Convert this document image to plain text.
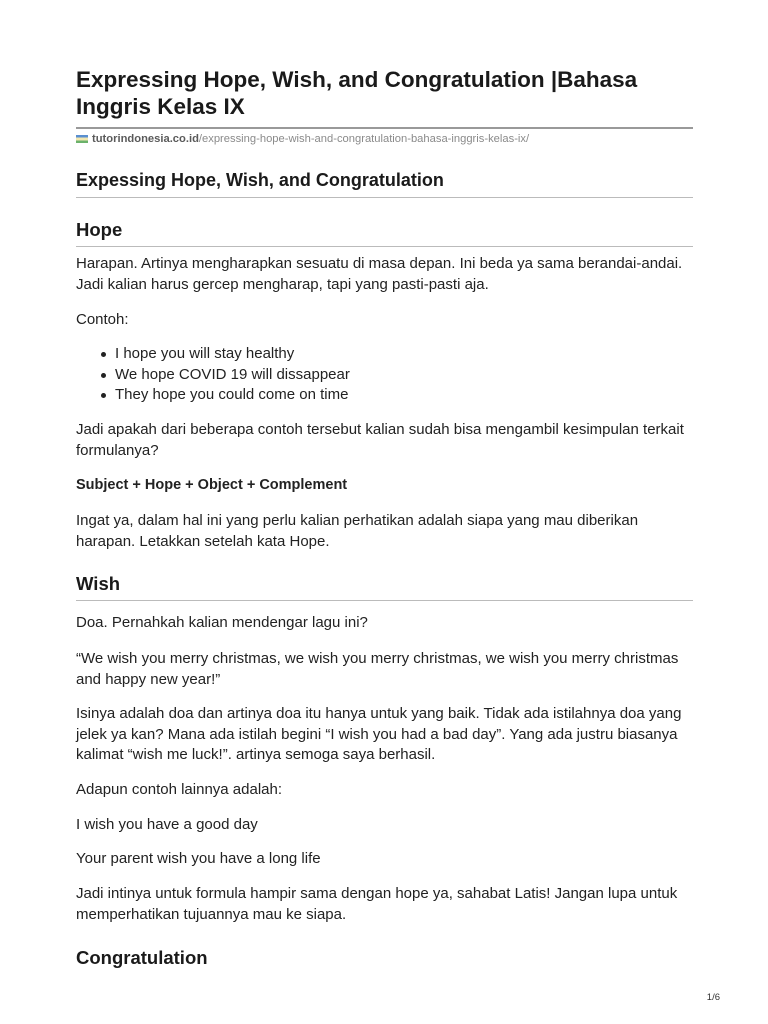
Expressing Hope, Wish, and Congratulation |Bahasa Inggris Kelas IX
tutorindonesia.co.id/expressing-hope-wish-and-congratulation-bahasa-inggris-kelas-ix/
Expessing Hope, Wish, and Congratulation
Hope

Harapan. Artinya mengharapkan sesuatu di masa depan. Ini beda ya sama berandai-andai. Jadi kalian harus gercep mengharap, tapi yang pasti-pasti aja.

Contoh:

I hope you will stay healthy
We hope COVID 19 will dissappear
They hope you could come on time

Jadi apakah dari beberapa contoh tersebut kalian sudah bisa mengambil kesimpulan terkait formulanya?

Subject + Hope + Object + Complement

Ingat ya, dalam hal ini yang perlu kalian perhatikan adalah siapa yang mau diberikan harapan. Letakkan setelah kata Hope.

Wish

Doa. Pernahkah kalian mendengar lagu ini?

“We wish you merry christmas, we wish you merry christmas, we wish you merry christmas and happy new year!”

Isinya adalah doa dan artinya doa itu hanya untuk yang baik. Tidak ada istilahnya doa yang jelek ya kan? Mana ada istilah begini “I wish you had a bad day”. Yang ada justru biasanya kalimat “wish me luck!”. artinya semoga saya berhasil.

Adapun contoh lainnya adalah:

I wish you have a good day

Your parent wish you have a long life

Jadi intinya untuk formula hampir sama dengan hope ya, sahabat Latis! Jangan lupa untuk memperhatikan tujuannya mau ke siapa.

Congratulation
1/6
